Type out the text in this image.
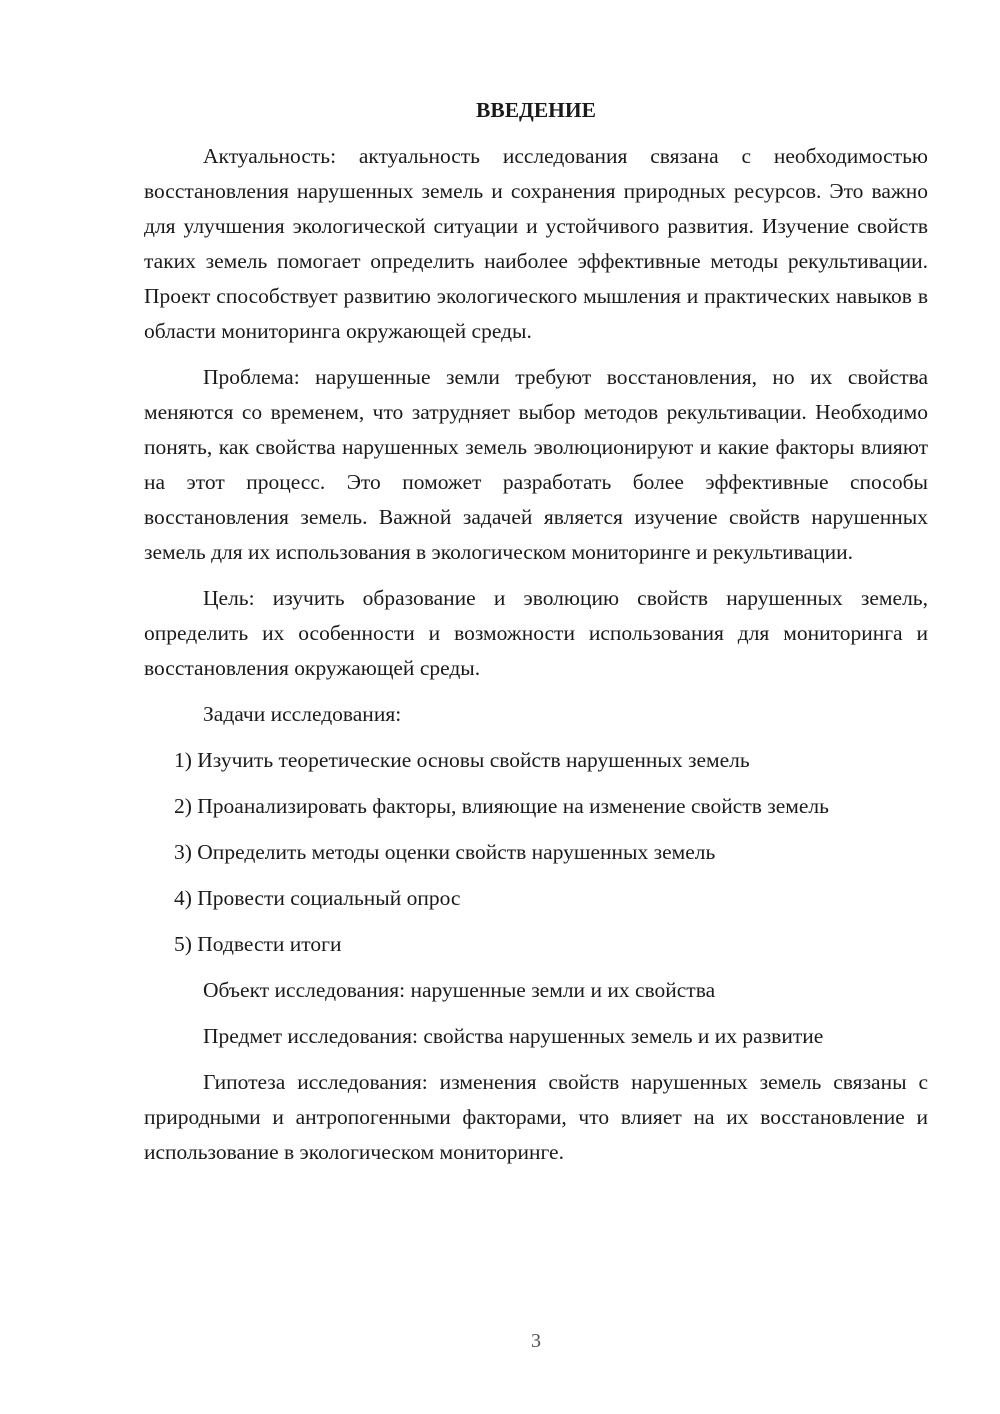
ВВЕДЕНИЕ

Актуальность: актуальность исследования связана с необходимостью восстановления нарушенных земель и сохранения природных ресурсов. Это важно для улучшения экологической ситуации и устойчивого развития. Изучение свойств таких земель помогает определить наиболее эффективные методы рекультивации. Проект способствует развитию экологического мышления и практических навыков в области мониторинга окружающей среды.

Проблема: нарушенные земли требуют восстановления, но их свойства меняются со временем, что затрудняет выбор методов рекультивации. Необходимо понять, как свойства нарушенных земель эволюционируют и какие факторы влияют на этот процесс. Это поможет разработать более эффективные способы восстановления земель. Важной задачей является изучение свойств нарушенных земель для их использования в экологическом мониторинге и рекультивации.

Цель: изучить образование и эволюцию свойств нарушенных земель, определить их особенности и возможности использования для мониторинга и восстановления окружающей среды.

Задачи исследования:

1) Изучить теоретические основы свойств нарушенных земель

2) Проанализировать факторы, влияющие на изменение свойств земель

3) Определить методы оценки свойств нарушенных земель

4) Провести социальный опрос

5) Подвести итоги

Объект исследования: нарушенные земли и их свойства

Предмет исследования: свойства нарушенных земель и их развитие

Гипотеза исследования: изменения свойств нарушенных земель связаны с природными и антропогенными факторами, что влияет на их восстановление и использование в экологическом мониторинге.

3
